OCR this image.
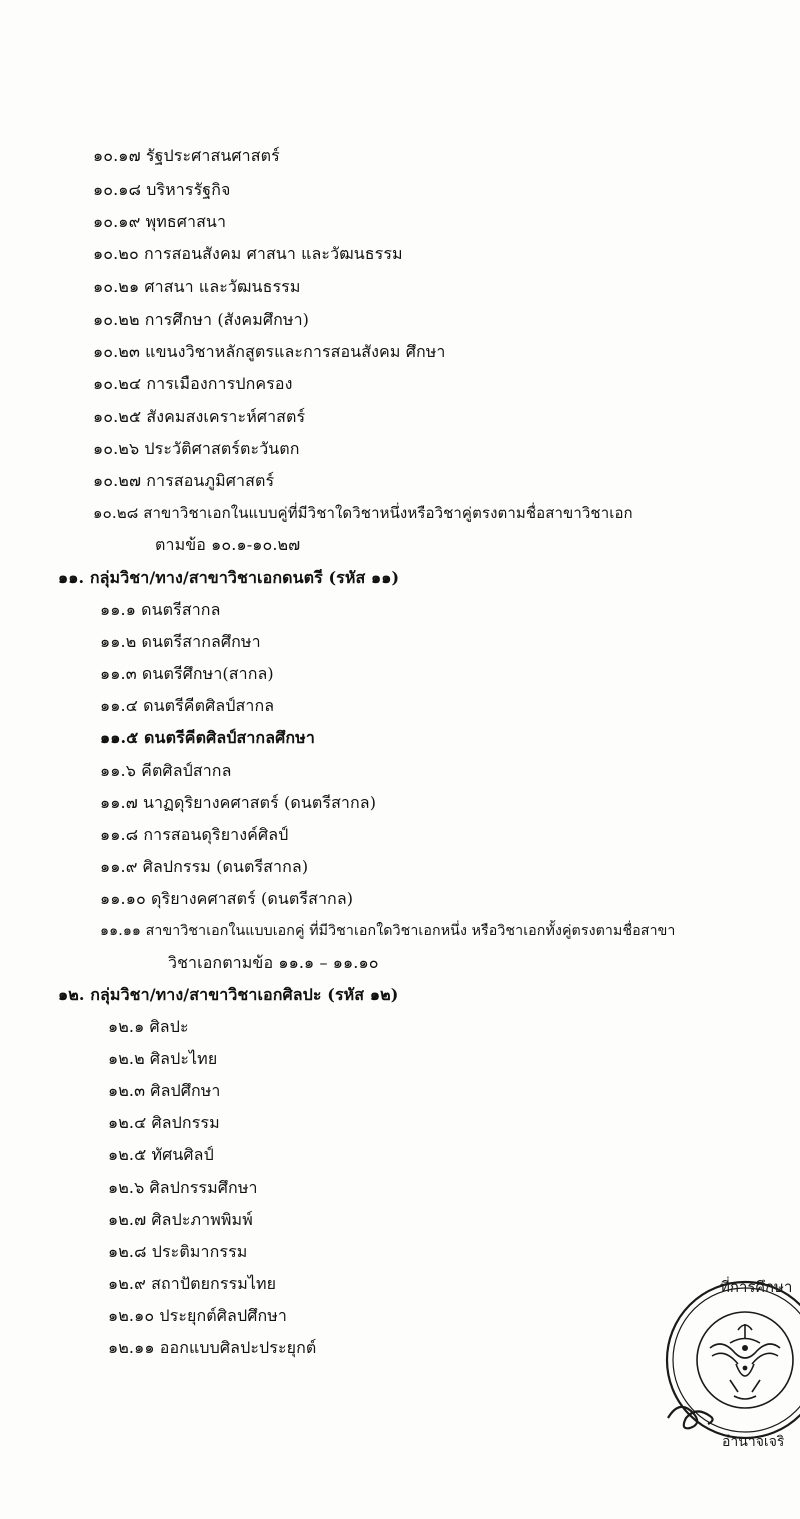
๑๐.๑๗ รัฐประศาสนศาสตร์
๑๐.๑๘ บริหารรัฐกิจ
๑๐.๑๙ พุทธศาสนา
๑๐.๒๐ การสอนสังคม ศาสนา และวัฒนธรรม
๑๐.๒๑ ศาสนา และวัฒนธรรม
๑๐.๒๒ การศึกษา (สังคมศึกษา)
๑๐.๒๓ แขนงวิชาหลักสูตรและการสอนสังคม ศึกษา
๑๐.๒๔ การเมืองการปกครอง
๑๐.๒๕ สังคมสงเคราะห์ศาสตร์
๑๐.๒๖ ประวัติศาสตร์ตะวันตก
๑๐.๒๗ การสอนภูมิศาสตร์
๑๐.๒๘ สาขาวิชาเอกในแบบคู่ที่มีวิชาใดวิชาหนึ่งหรือวิชาคู่ตรงตามชื่อสาขาวิชาเอก
ตามข้อ ๑๐.๑-๑๐.๒๗
๑๑. กลุ่มวิชา/ทาง/สาขาวิชาเอกดนตรี (รหัส ๑๑)
๑๑.๑ ดนตรีสากล
๑๑.๒ ดนตรีสากลศึกษา
๑๑.๓ ดนตรีศึกษา(สากล)
๑๑.๔ ดนตรีคีตศิลป์สากล
๑๑.๕ ดนตรีคีตศิลป์สากลศึกษา
๑๑.๖ คีตศิลป์สากล
๑๑.๗ นาฏดุริยางคศาสตร์ (ดนตรีสากล)
๑๑.๘ การสอนดุริยางค์ศิลป์
๑๑.๙ ศิลปกรรม (ดนตรีสากล)
๑๑.๑๐ ดุริยางคศาสตร์ (ดนตรีสากล)
๑๑.๑๑ สาขาวิชาเอกในแบบเอกคู่ ที่มีวิชาเอกใดวิชาเอกหนึ่ง หรือวิชาเอกทั้งคู่ตรงตามชื่อสาขา
วิชาเอกตามข้อ ๑๑.๑ – ๑๑.๑๐
๑๒. กลุ่มวิชา/ทาง/สาขาวิชาเอกศิลปะ (รหัส ๑๒)
๑๒.๑ ศิลปะ
๑๒.๒ ศิลปะไทย
๑๒.๓ ศิลปศึกษา
๑๒.๔ ศิลปกรรม
๑๒.๕ ทัศนศิลป์
๑๒.๖ ศิลปกรรมศึกษา
๑๒.๗ ศิลปะภาพพิมพ์
๑๒.๘ ประติมากรรม
๑๒.๙ สถาปัตยกรรมไทย
๑๒.๑๐ ประยุกต์ศิลปศึกษา
๑๒.๑๑ ออกแบบศิลปะประยุกต์
ที่การศึกษา
อำนาจเจริ
